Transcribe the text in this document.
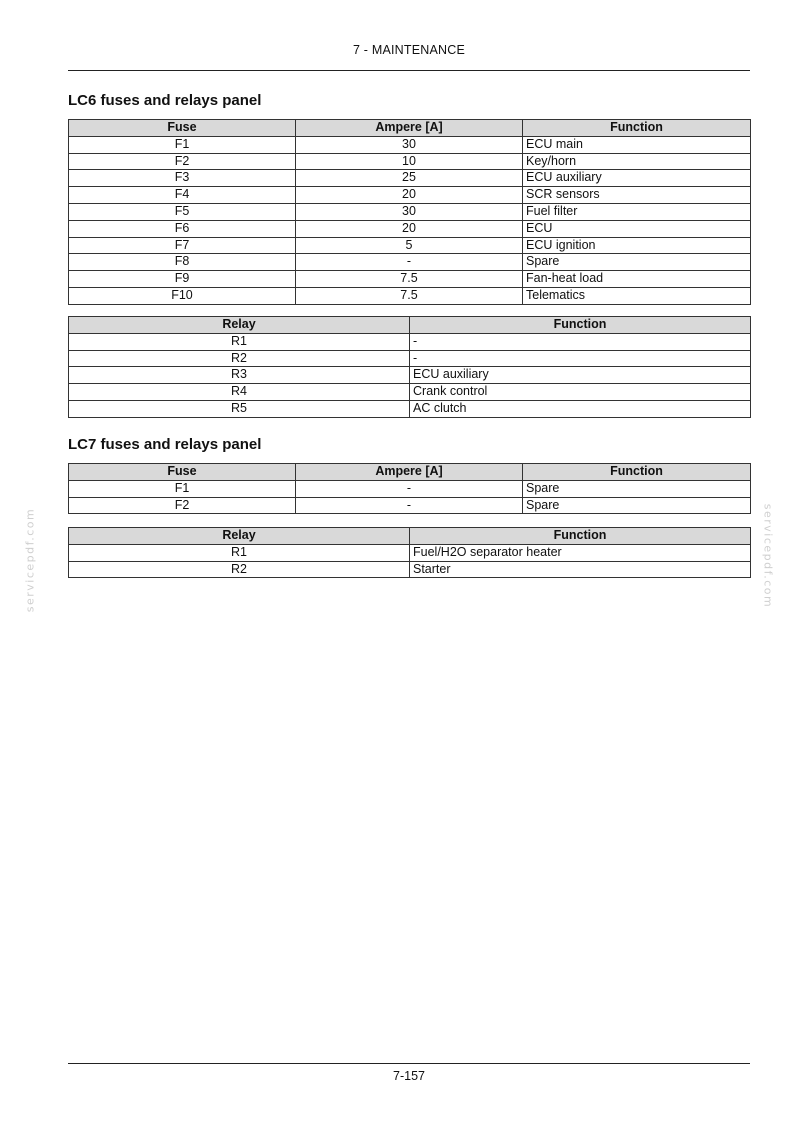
7 - MAINTENANCE
servicepdf.com	servicepdf.com
LC6 fuses and relays panel
Fuse	Ampere [A]	Function
F1	30	ECU main
F2	10	Key/horn
F3	25	ECU auxiliary
F4	20	SCR sensors
F5	30	Fuel filter
F6	20	ECU
F7	5	ECU ignition
F8	-	Spare
F9	7.5	Fan-heat load
F10	7.5	Telematics
Relay	Function
R1	-
R2	-
R3	ECU auxiliary
R4	Crank control
R5	AC clutch
LC7 fuses and relays panel
Fuse	Ampere [A]	Function
F1	-	Spare
F2	-	Spare
Relay	Function
R1	Fuel/H2O separator heater
R2	Starter
7-157
